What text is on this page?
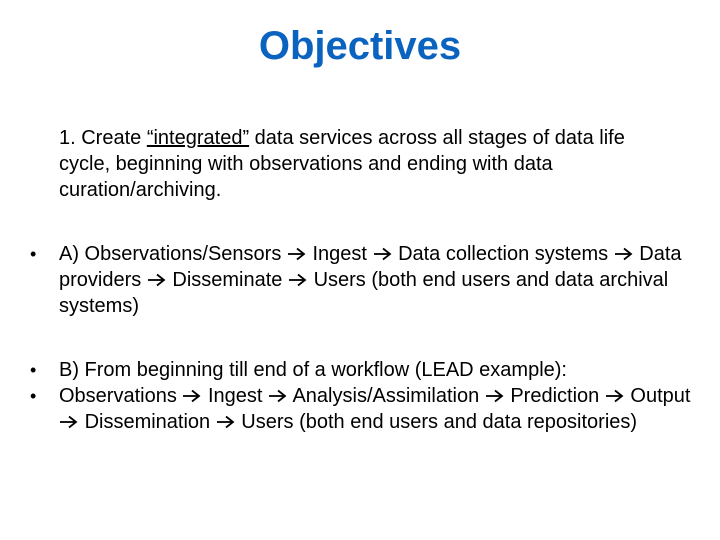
Objectives
1. Create “integrated” data services across all stages of data life cycle, beginning with observations and ending with data curation/archiving.
• A) Observations/Sensors Ingest Data collection systems Data providers Disseminate Users (both end users and data archival systems)
• B) From beginning till end of a workflow (LEAD example):
• Observations Ingest Analysis/Assimilation Prediction Output  Dissemination Users (both end users and data repositories)
